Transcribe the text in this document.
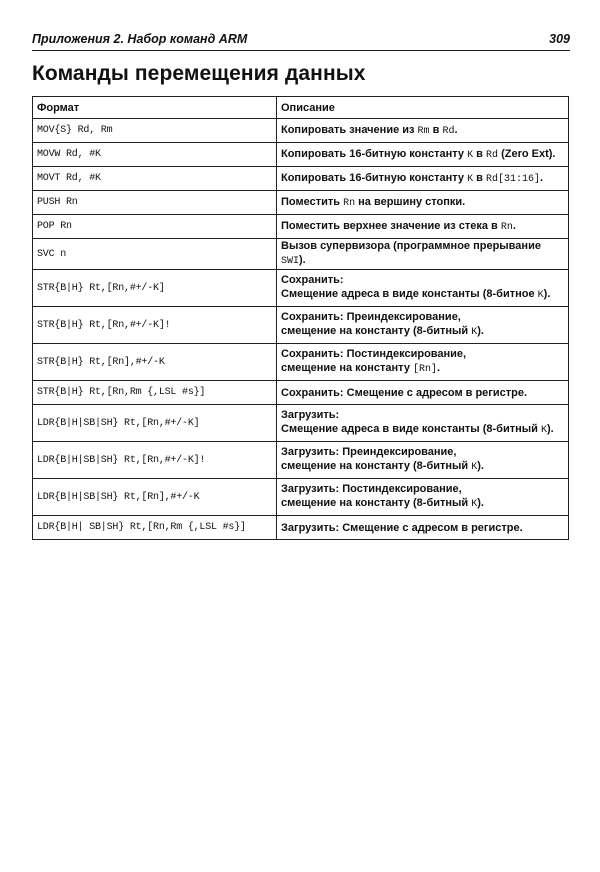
Приложения 2. Набор команд ARM	309
Команды перемещения данных
Формат	Описание
MOV{S} Rd, Rm	Копировать значение из Rm в Rd.

MOVW Rd, #K	Копировать 16-битную константу K в Rd (Zero Ext).

MOVT Rd, #K	Копировать 16-битную константу K в Rd[31:16].

PUSH Rn	Поместить Rn на вершину стопки.

POP Rn	Поместить верхнее значение из стека в Rn.

SVC n	Вызов супервизора (программное прерывание SWI).

STR{B|H} Rt,[Rn,#+/-K]	Сохранить:
Смещение адреса в виде константы (8-битное K).

STR{B|H} Rt,[Rn,#+/-K]!	Сохранить: Преиндексирование,
смещение на константу (8-битный K).

STR{B|H} Rt,[Rn],#+/-K	Сохранить: Постиндексирование,
смещение на константу [Rn].

STR{B|H} Rt,[Rn,Rm {,LSL #s}]	Сохранить: Смещение с адресом в регистре.

LDR{B|H|SB|SH} Rt,[Rn,#+/-K]	Загрузить:
Смещение адреса в виде константы (8-битный K).

LDR{B|H|SB|SH} Rt,[Rn,#+/-K]!	Загрузить: Преиндексирование,
смещение на константу (8-битный K).

LDR{B|H|SB|SH} Rt,[Rn],#+/-K	Загрузить: Постиндексирование,
смещение на константу (8-битный K).

LDR{B|H| SB|SH} Rt,[Rn,Rm {,LSL #s}]	Загрузить: Смещение с адресом в регистре.
